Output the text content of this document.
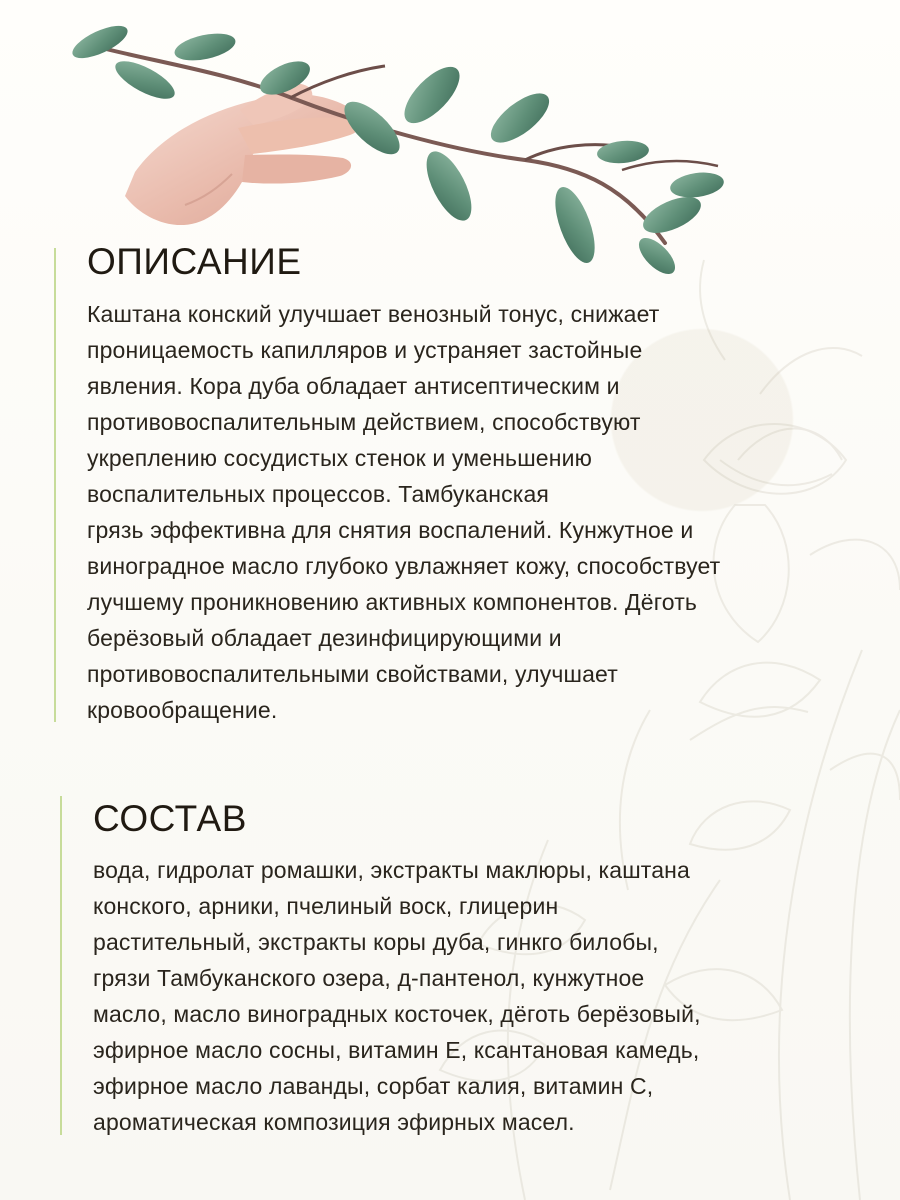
ОПИСАНИЕ

Каштана конский улучшает венозный тонус, снижает
проницаемость капилляров и устраняет застойные
явления. Кора дуба обладает антисептическим и
противовоспалительным действием, способствуют
укреплению сосудистых стенок и уменьшению
воспалительных процессов. Тамбуканская
грязь эффективна для снятия воспалений. Кунжутное и
виноградное масло глубоко увлажняет кожу, способствует
лучшему проникновению активных компонентов. Дёготь
берёзовый обладает дезинфицирующими и
противовоспалительными свойствами, улучшает
кровообращение.

СОСТАВ

вода, гидролат ромашки, экстракты маклюры, каштана
конского, арники, пчелиный воск, глицерин
растительный, экстракты коры дуба, гинкго билобы,
грязи Тамбуканского озера, д-пантенол, кунжутное
масло, масло виноградных косточек, дёготь берёзовый,
эфирное масло сосны, витамин Е, ксантановая камедь,
эфирное масло лаванды, сорбат калия, витамин С,
ароматическая композиция эфирных масел.
